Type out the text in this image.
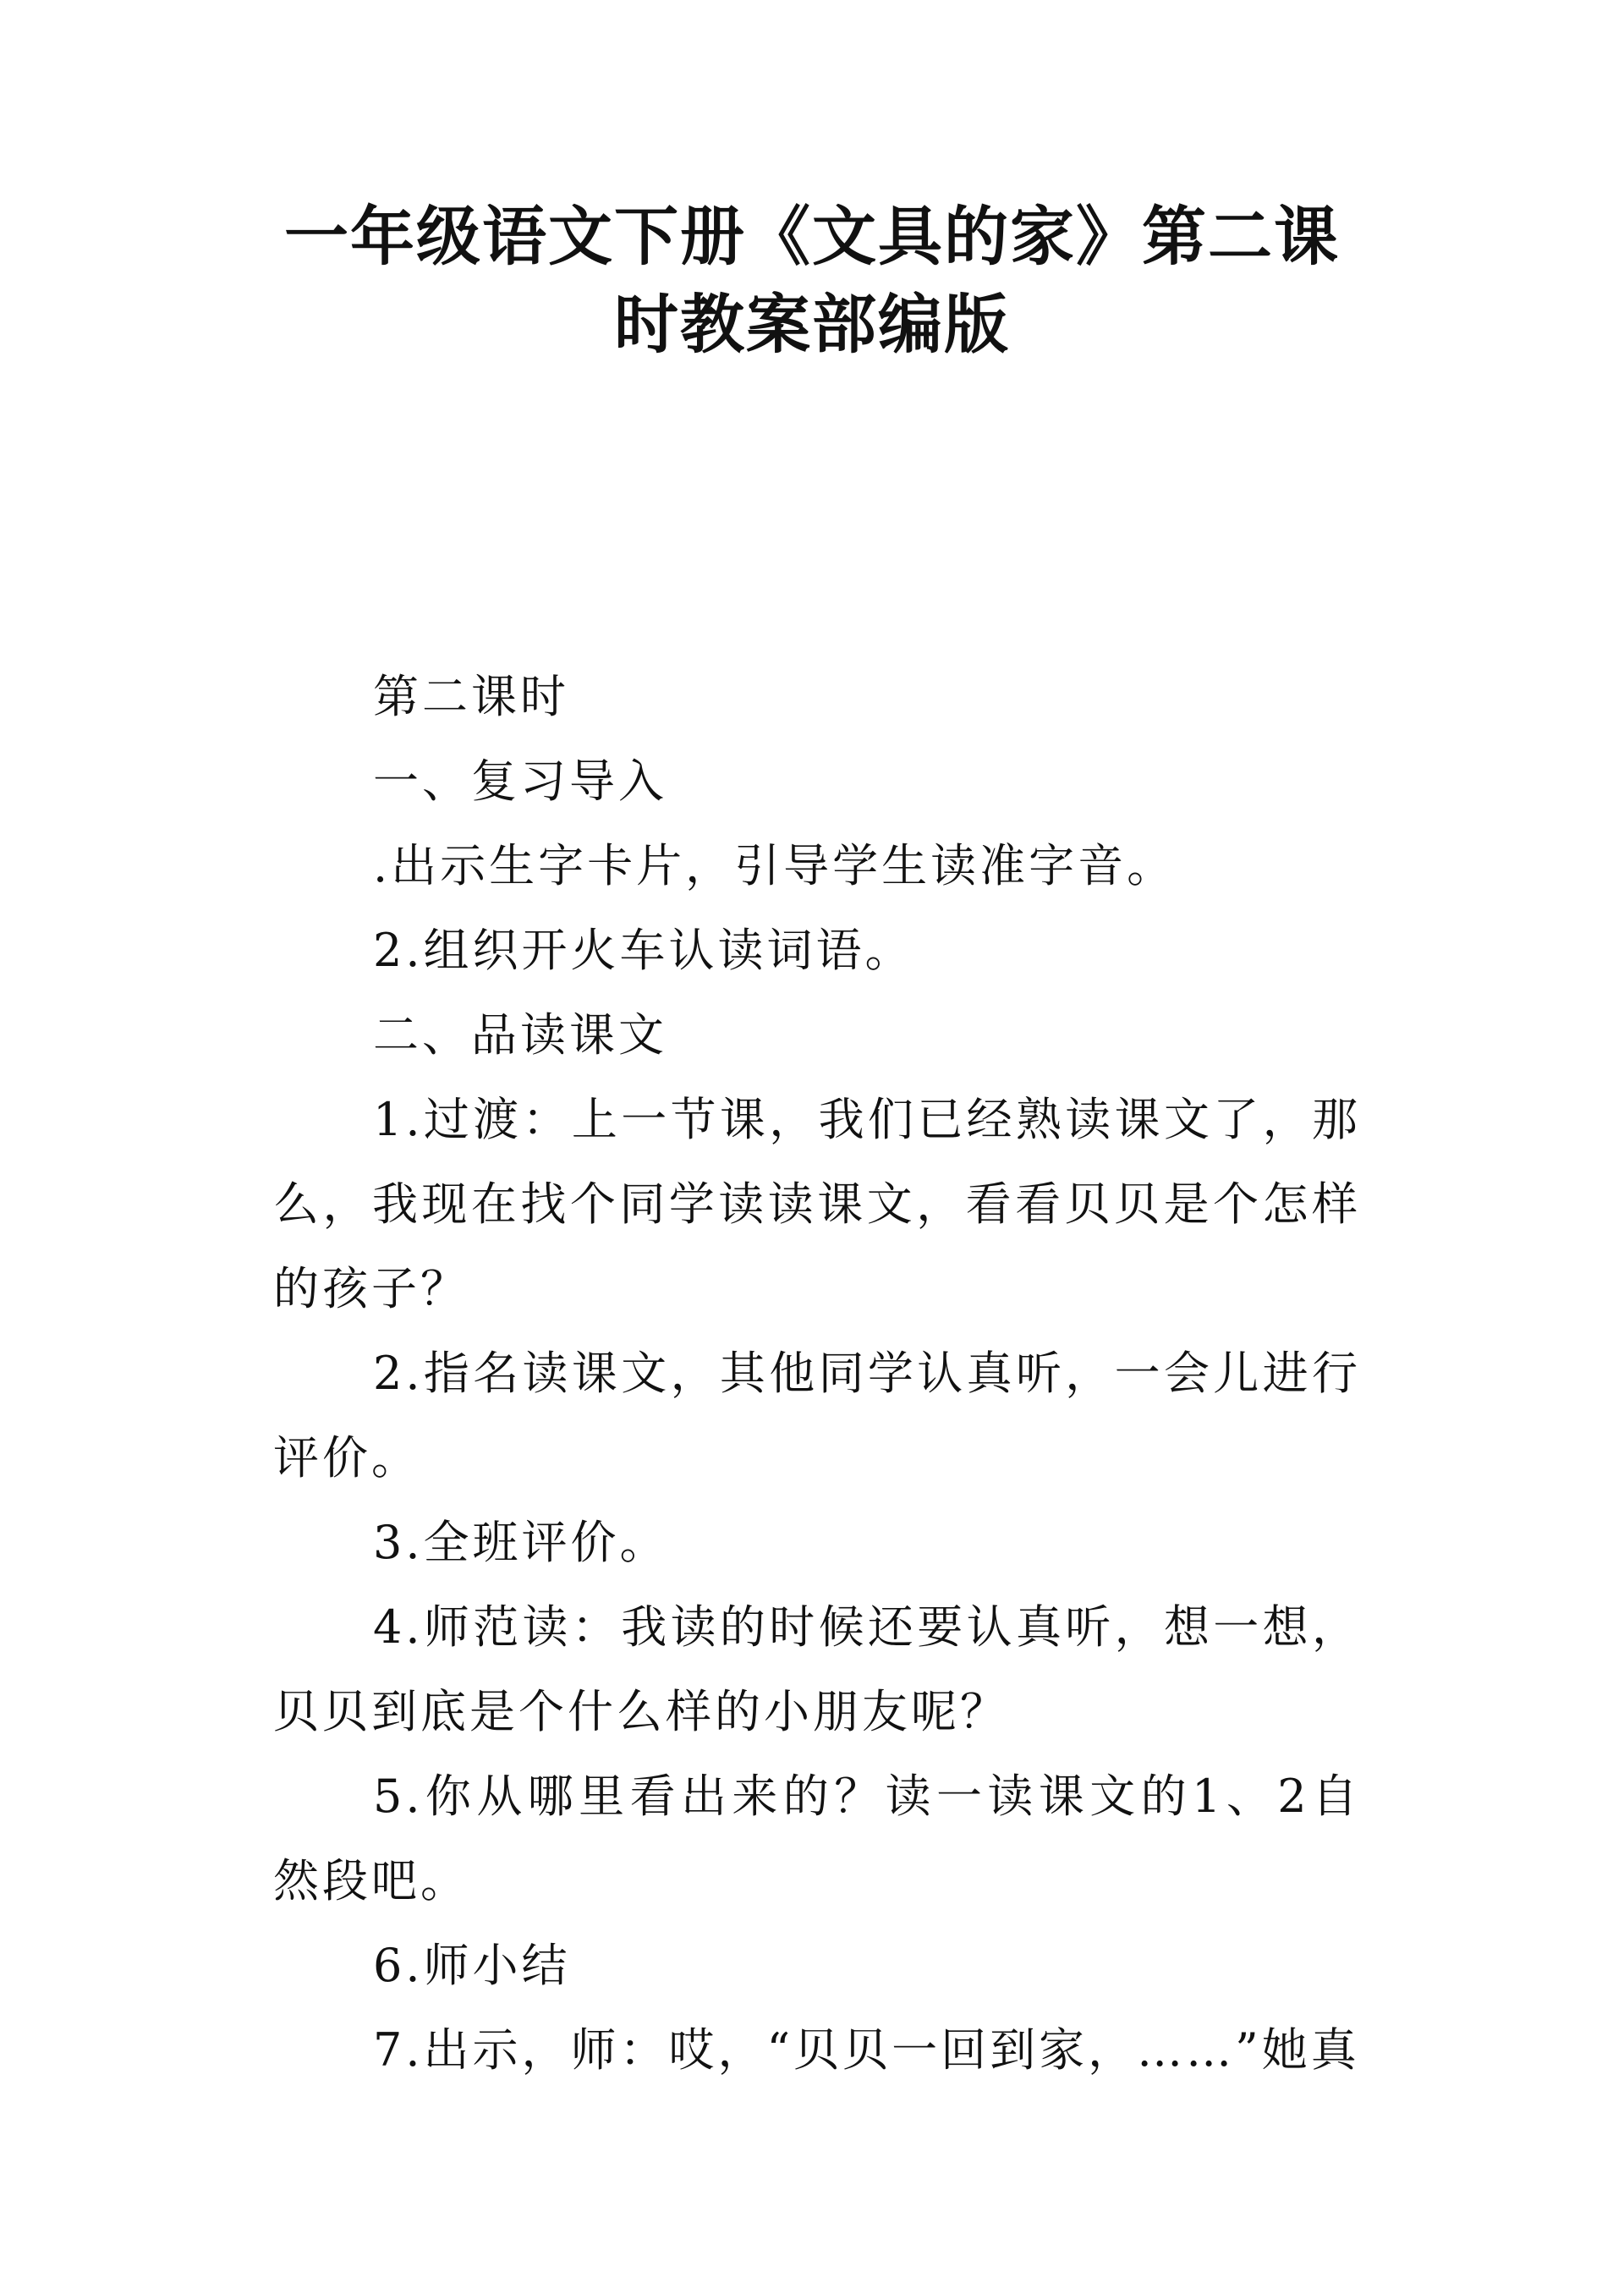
一年级语文下册《文具的家》第二课
时教案部编版

第二课时

一、复习导入

.出示生字卡片，引导学生读准字音。

2.组织开火车认读词语。

二、品读课文

1.过渡：上一节课，我们已经熟读课文了，那么，我现在找个同学读读课文，看看贝贝是个怎样的孩子？

2.指名读课文，其他同学认真听，一会儿进行评价。

3.全班评价。

4.师范读：我读的时候还要认真听，想一想，贝贝到底是个什么样的小朋友呢？

5.你从哪里看出来的？读一读课文的1、2自然段吧。

6.师小结

7.出示，师：哎，“贝贝一回到家，……”她真
